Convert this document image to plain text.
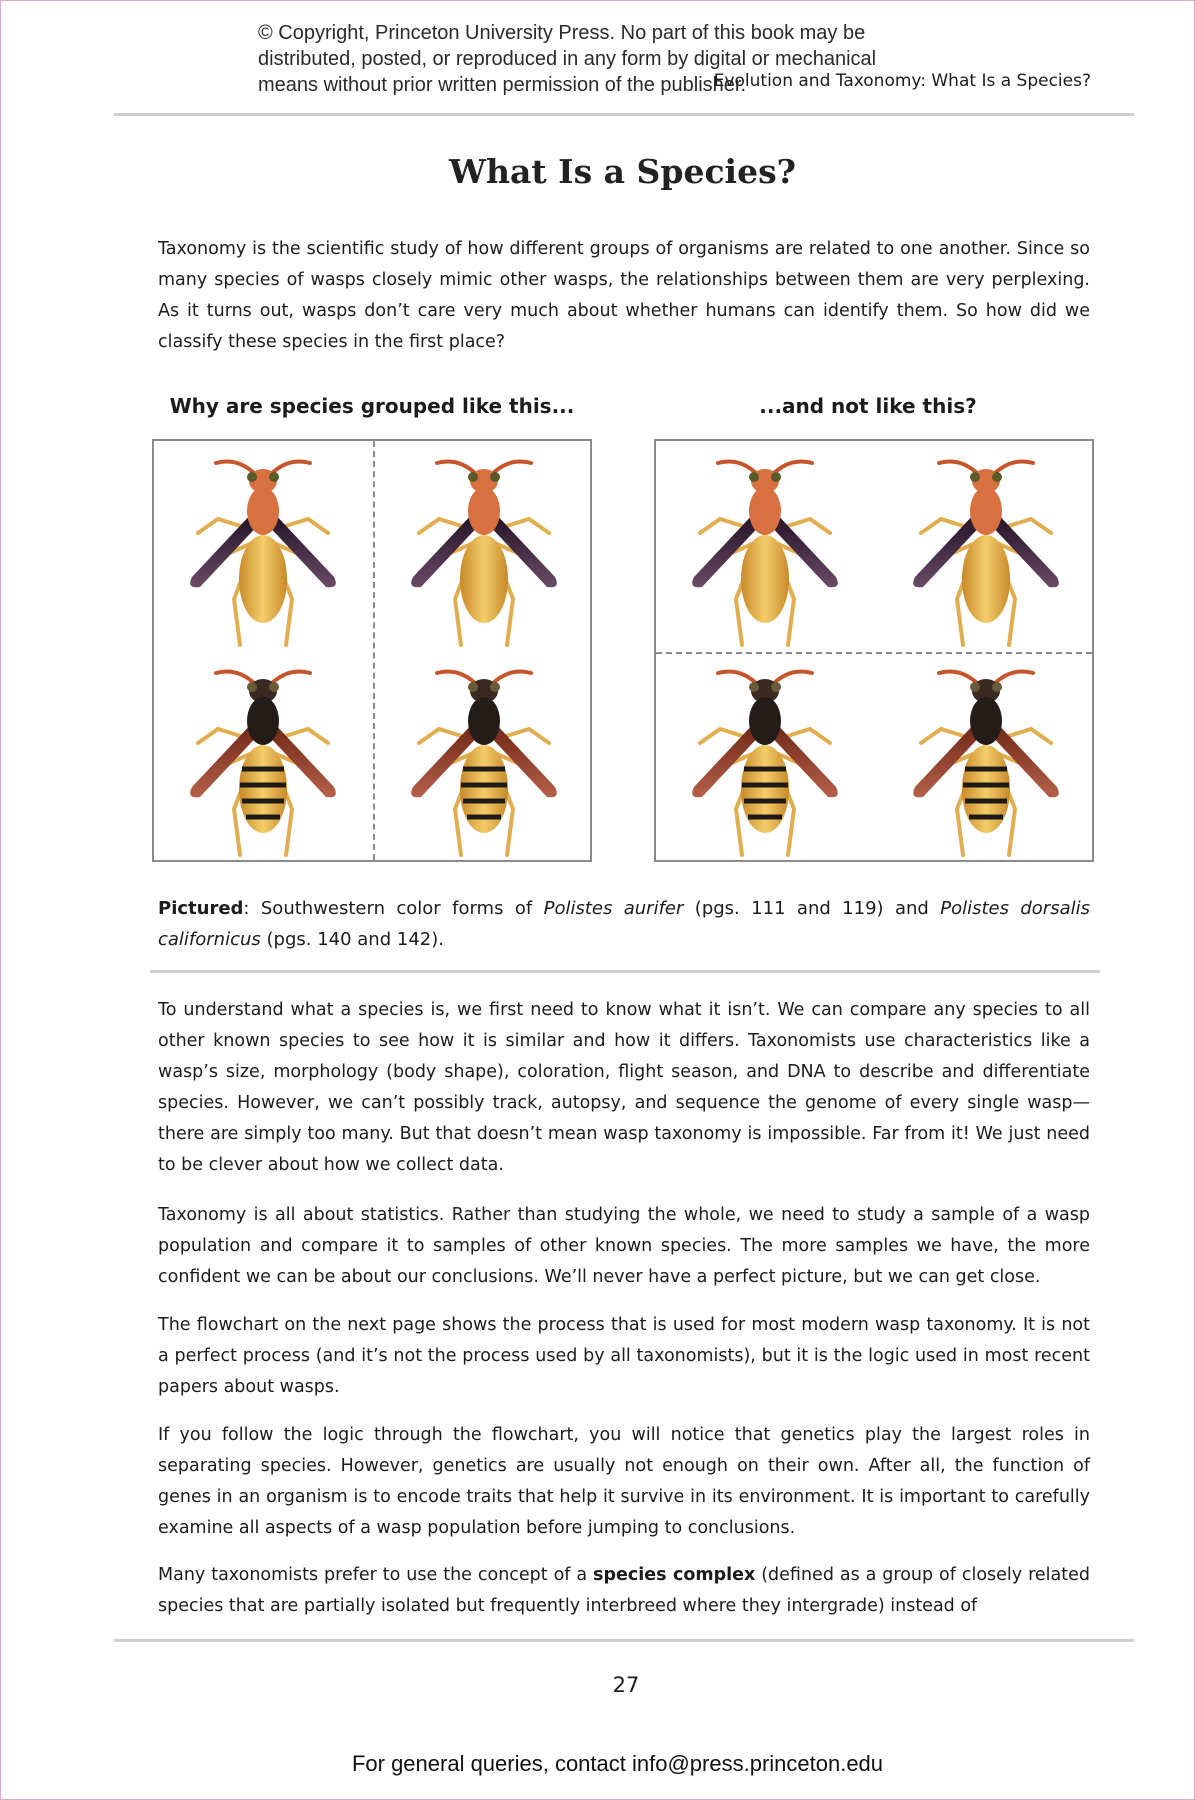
© Copyright, Princeton University Press. No part of this book may be
distributed, posted, or reproduced in any form by digital or mechanical
means without prior written permission of the publisher.
Evolution and Taxonomy: What Is a Species?
What Is a Species?

Taxonomy is the scientific study of how different groups of organisms are related to one another. Since so many species of wasps closely mimic other wasps, the relationships between them are very perplexing. As it turns out, wasps don’t care very much about whether humans can identify them. So how did we classify these species in the first place?

Why are species grouped like this...	...and not like this?
Pictured: Southwestern color forms of Polistes aurifer (pgs. 111 and 119) and Polistes dorsalis californicus (pgs. 140 and 142).

To understand what a species is, we first need to know what it isn’t. We can compare any species to all other known species to see how it is similar and how it differs. Taxonomists use characteristics like a wasp’s size, morphology (body shape), coloration, flight season, and DNA to describe and differentiate species. However, we can’t possibly track, autopsy, and sequence the genome of every single wasp—there are simply too many. But that doesn’t mean wasp taxonomy is impossible. Far from it! We just need to be clever about how we collect data.

Taxonomy is all about statistics. Rather than studying the whole, we need to study a sample of a wasp population and compare it to samples of other known species. The more samples we have, the more confident we can be about our conclusions. We’ll never have a perfect picture, but we can get close.

The flowchart on the next page shows the process that is used for most modern wasp taxonomy. It is not a perfect process (and it’s not the process used by all taxonomists), but it is the logic used in most recent papers about wasps.

If you follow the logic through the flowchart, you will notice that genetics play the largest roles in separating species. However, genetics are usually not enough on their own. After all, the function of genes in an organism is to encode traits that help it survive in its environment. It is important to carefully examine all aspects of a wasp population before jumping to conclusions.

Many taxonomists prefer to use the concept of a species complex (defined as a group of closely related species that are partially isolated but frequently interbreed where they intergrade) instead of

27
For general queries, contact info@press.princeton.edu
